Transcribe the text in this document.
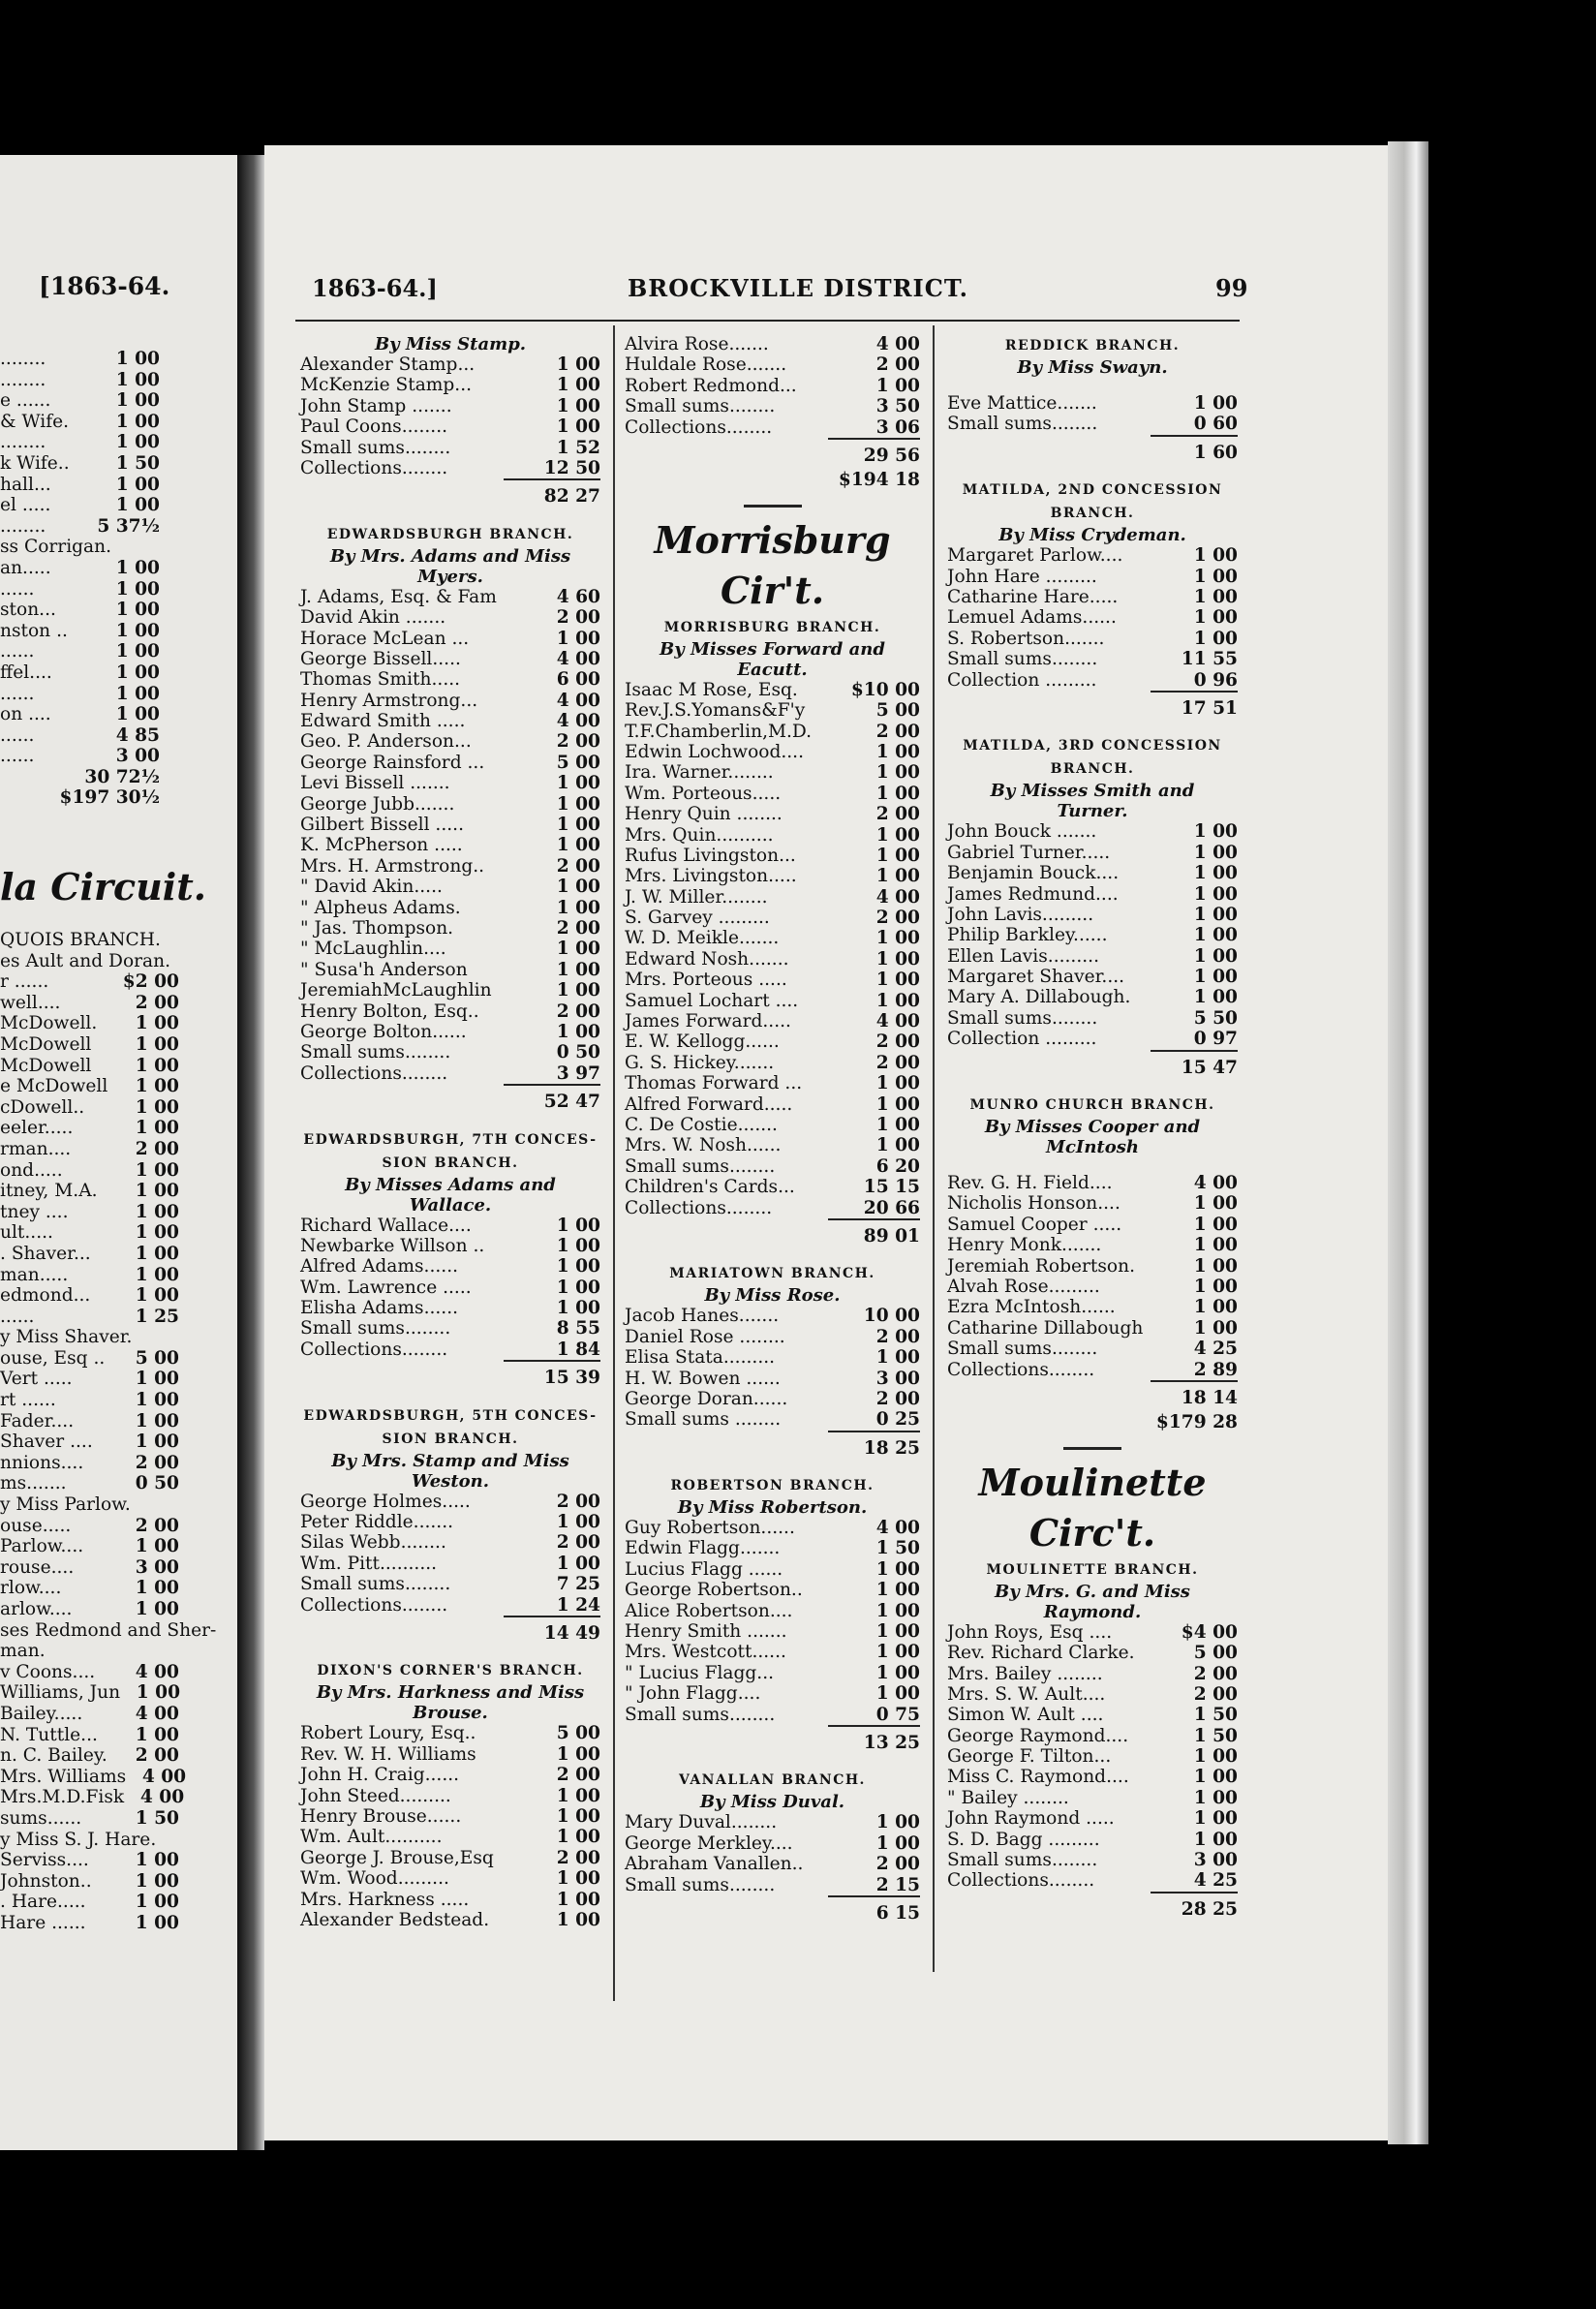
[1863-64.
........	1 00
........	1 00
e ......	1 00
& Wife.	1 00
........	1 00
k Wife..	1 50
hall...	1 00
el .....	1 00
........	5 37½
ss Corrigan.
an.....	1 00
......	1 00
ston...	1 00
nston ..	1 00
......	1 00
ffel....	1 00
......	1 00
on ....	1 00
......	4 85
......	3 00
30 72½
$197 30½
la Circuit.
QUOIS BRANCH.
es Ault and Doran.
r ......	$2 00
well....	2 00
McDowell.	1 00
McDowell	1 00
McDowell	1 00
e McDowell	1 00
cDowell..	1 00
eeler.....	1 00
rman....	2 00
ond.....	1 00
itney, M.A.	1 00
tney ....	1 00
ult.....	1 00
. Shaver...	1 00
man.....	1 00
edmond...	1 00
......	1 25
y Miss Shaver.
ouse, Esq ..	5 00
Vert .....	1 00
rt ......	1 00
Fader....	1 00
Shaver ....	1 00
nnions....	2 00
ms.......	0 50
y Miss Parlow.
ouse.....	2 00
Parlow....	1 00
rouse....	3 00
rlow....	1 00
arlow....	1 00
ses Redmond and Sher-
man.
v Coons....	4 00
Williams, Jun 1 00
Bailey.....	4 00
N. Tuttle...	1 00
n. C. Bailey.	2 00
Mrs. Williams 4 00
Mrs.M.D.Fisk 4 00
sums......	1 50
y Miss S. J. Hare.
Serviss....	1 00
Johnston..	1 00
. Hare.....	1 00
Hare ......	1 00
1863-64.]	BROCKVILLE DISTRICT.	99
By Miss Stamp.
Alexander Stamp...	1 00
McKenzie Stamp...	1 00
John Stamp .......	1 00
Paul Coons........	1 00
Small sums........	1 52
Collections........	12 50
82 27
EDWARDSBURGH BRANCH.
By Mrs. Adams and Miss Myers.
J. Adams, Esq. & Fam	4 60
David Akin .......	2 00
Horace McLean ...	1 00
George Bissell.....	4 00
Thomas Smith.....	6 00
Henry Armstrong...	4 00
Edward Smith .....	4 00
Geo. P. Anderson...	2 00
George Rainsford ...	5 00
Levi Bissell .......	1 00
George Jubb.......	1 00
Gilbert Bissell .....	1 00
K. McPherson .....	1 00
Mrs. H. Armstrong..	2 00
" David Akin.....	1 00
" Alpheus Adams.	1 00
" Jas. Thompson.	2 00
" McLaughlin....	1 00
" Susa'h Anderson	1 00
JeremiahMcLaughlin	1 00
Henry Bolton, Esq..	2 00
George Bolton......	1 00
Small sums........	0 50
Collections........	3 97
52 47
EDWARDSBURGH, 7TH CONCES-
SION BRANCH.
By Misses Adams and Wallace.
Richard Wallace....	1 00
Newbarke Willson ..	1 00
Alfred Adams......	1 00
Wm. Lawrence .....	1 00
Elisha Adams......	1 00
Small sums........	8 55
Collections........	1 84
15 39
EDWARDSBURGH, 5TH CONCES-
SION BRANCH.
By Mrs. Stamp and Miss Weston.
George Holmes.....	2 00
Peter Riddle.......	1 00
Silas Webb........	2 00
Wm. Pitt..........	1 00
Small sums........	7 25
Collections........	1 24
14 49
DIXON'S CORNER'S BRANCH.
By Mrs. Harkness and Miss Brouse.
Robert Loury, Esq..	5 00
Rev. W. H. Williams	1 00
John H. Craig......	2 00
John Steed.........	1 00
Henry Brouse......	1 00
Wm. Ault..........	1 00
George J. Brouse,Esq	2 00
Wm. Wood.........	1 00
Mrs. Harkness .....	1 00
Alexander Bedstead.	1 00
Alvira Rose.......	4 00
Huldale Rose.......	2 00
Robert Redmond...	1 00
Small sums........	3 50
Collections........	3 06
29 56
$194 18
Morrisburg Cir't.
MORRISBURG BRANCH.
By Misses Forward and Eacutt.
Isaac M Rose, Esq.	$10 00
Rev.J.S.Yomans&F'y	5 00
T.F.Chamberlin,M.D.	2 00
Edwin Lochwood....	1 00
Ira. Warner........	1 00
Wm. Porteous.....	1 00
Henry Quin ........	2 00
Mrs. Quin..........	1 00
Rufus Livingston...	1 00
Mrs. Livingston.....	1 00
J. W. Miller........	4 00
S. Garvey .........	2 00
W. D. Meikle.......	1 00
Edward Nosh.......	1 00
Mrs. Porteous .....	1 00
Samuel Lochart ....	1 00
James Forward.....	4 00
E. W. Kellogg......	2 00
G. S. Hickey.......	2 00
Thomas Forward ...	1 00
Alfred Forward.....	1 00
C. De Costie.......	1 00
Mrs. W. Nosh......	1 00
Small sums........	6 20
Children's Cards...	15 15
Collections........	20 66
89 01
MARIATOWN BRANCH.
By Miss Rose.
Jacob Hanes.......	10 00
Daniel Rose ........	2 00
Elisa Stata.........	1 00
H. W. Bowen ......	3 00
George Doran......	2 00
Small sums ........	0 25
18 25
ROBERTSON BRANCH.
By Miss Robertson.
Guy Robertson......	4 00
Edwin Flagg.......	1 50
Lucius Flagg ......	1 00
George Robertson..	1 00
Alice Robertson....	1 00
Henry Smith .......	1 00
Mrs. Westcott......	1 00
" Lucius Flagg...	1 00
" John Flagg....	1 00
Small sums........	0 75
13 25
VANALLAN BRANCH.
By Miss Duval.
Mary Duval........	1 00
George Merkley....	1 00
Abraham Vanallen..	2 00
Small sums........	2 15
6 15
REDDICK BRANCH.
By Miss Swayn.
Eve Mattice.......	1 00
Small sums........	0 60
1 60
MATILDA, 2ND CONCESSION
BRANCH.
By Miss Crydeman.
Margaret Parlow....	1 00
John Hare .........	1 00
Catharine Hare.....	1 00
Lemuel Adams......	1 00
S. Robertson.......	1 00
Small sums........	11 55
Collection .........	0 96
17 51
MATILDA, 3RD CONCESSION
BRANCH.
By Misses Smith and Turner.
John Bouck .......	1 00
Gabriel Turner.....	1 00
Benjamin Bouck....	1 00
James Redmund....	1 00
John Lavis.........	1 00
Philip Barkley......	1 00
Ellen Lavis.........	1 00
Margaret Shaver....	1 00
Mary A. Dillabough.	1 00
Small sums........	5 50
Collection .........	0 97
15 47
MUNRO CHURCH BRANCH.
By Misses Cooper and McIntosh
Rev. G. H. Field....	4 00
Nicholis Honson....	1 00
Samuel Cooper .....	1 00
Henry Monk.......	1 00
Jeremiah Robertson.	1 00
Alvah Rose.........	1 00
Ezra McIntosh......	1 00
Catharine Dillabough	1 00
Small sums........	4 25
Collections........	2 89
18 14
$179 28
Moulinette Circ't.
MOULINETTE BRANCH.
By Mrs. G. and Miss Raymond.
John Roys, Esq ....	$4 00
Rev. Richard Clarke.	5 00
Mrs. Bailey ........	2 00
Mrs. S. W. Ault....	2 00
Simon W. Ault ....	1 50
George Raymond....	1 50
George F. Tilton...	1 00
Miss C. Raymond....	1 00
" Bailey ........	1 00
John Raymond .....	1 00
S. D. Bagg .........	1 00
Small sums........	3 00
Collections........	4 25
28 25
